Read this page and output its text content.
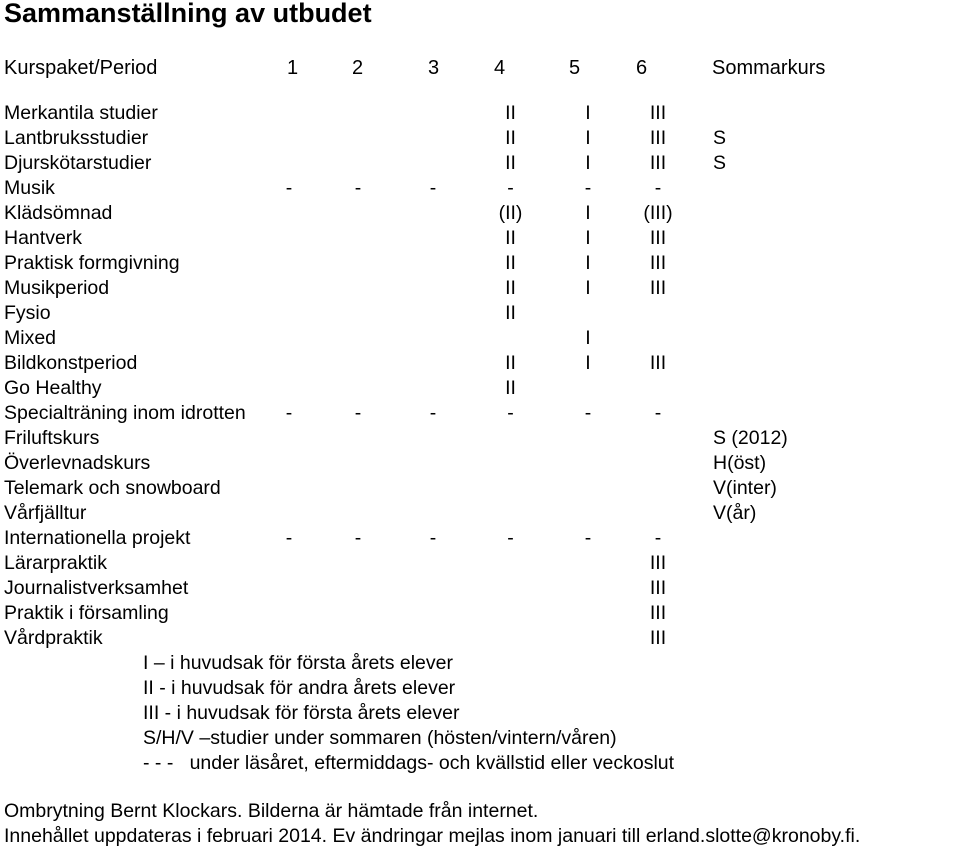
Sammanställning av utbudet
Kurspaket/Period	1	2	3	4	5	6	Sommarkurs
Merkantila studier				II	I	III	
Lantbruksstudier				II	I	III	S
Djurskötarstudier				II	I	III	S
Musik	-	-	-	-	-	-	
Klädsömnad				(II)	I	(III)	
Hantverk				II	I	III	
Praktisk formgivning				II	I	III	
Musikperiod				II	I	III	
Fysio				II			
Mixed					I		
Bildkonstperiod				II	I	III	
Go Healthy				II			
Specialträning inom idrotten	-	-	-	-	-	-	
Friluftskurs							S (2012)
Överlevnadskurs							H(öst)
Telemark och snowboard							V(inter)
Vårfjälltur							V(år)
Internationella projekt	-	-	-	-	-	-	
Lärarpraktik						III	
Journalistverksamhet						III	
Praktik i församling						III	
Vårdpraktik						III	
I – i huvudsak för första årets elever
II - i huvudsak för andra årets elever
III - i huvudsak för första årets elever
S/H/V –studier under sommaren (hösten/vintern/våren)
- - -   under läsåret, eftermiddags- och kvällstid eller veckoslut
Ombrytning Bernt Klockars. Bilderna är hämtade från internet.
Innehållet uppdateras i februari 2014. Ev ändringar mejlas inom januari till erland.slotte@kronoby.fi.
